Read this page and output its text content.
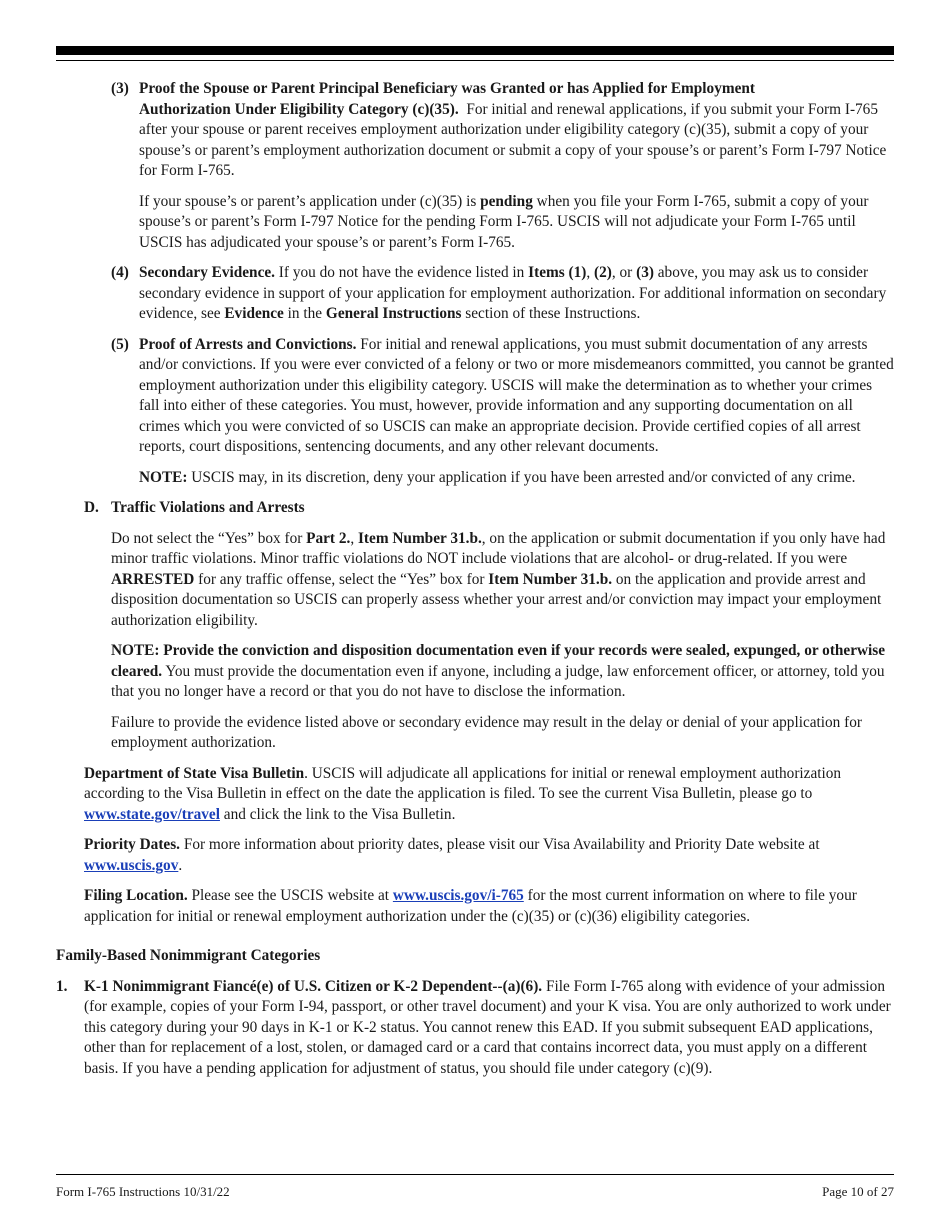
(3) Proof the Spouse or Parent Principal Beneficiary was Granted or has Applied for Employment
Authorization Under Eligibility Category (c)(35). For initial and renewal applications, if you submit your Form I-765 after your spouse or parent receives employment authorization under eligibility category (c)(35), submit a copy of your spouse’s or parent’s employment authorization document or submit a copy of your spouse’s or parent’s Form I-797 Notice for Form I-765.

If your spouse’s or parent’s application under (c)(35) is pending when you file your Form I-765, submit a copy of your spouse’s or parent’s Form I-797 Notice for the pending Form I-765. USCIS will not adjudicate your Form I-765 until USCIS has adjudicated your spouse’s or parent’s Form I-765.

(4) Secondary Evidence. If you do not have the evidence listed in Items (1), (2), or (3) above, you may ask us to consider secondary evidence in support of your application for employment authorization. For additional information on secondary evidence, see Evidence in the General Instructions section of these Instructions.

(5) Proof of Arrests and Convictions. For initial and renewal applications, you must submit documentation of any arrests and/or convictions. If you were ever convicted of a felony or two or more misdemeanors committed, you cannot be granted employment authorization under this eligibility category. USCIS will make the determination as to whether your crimes fall into either of these categories. You must, however, provide information and any supporting documentation on all crimes which you were convicted of so USCIS can make an appropriate decision. Provide certified copies of all arrest reports, court dispositions, sentencing documents, and any other relevant documents.

NOTE: USCIS may, in its discretion, deny your application if you have been arrested and/or convicted of any crime.

D. Traffic Violations and Arrests

Do not select the “Yes” box for Part 2., Item Number 31.b., on the application or submit documentation if you only have had minor traffic violations. Minor traffic violations do NOT include violations that are alcohol- or drug-related. If you were ARRESTED for any traffic offense, select the “Yes” box for Item Number 31.b. on the application and provide arrest and disposition documentation so USCIS can properly assess whether your arrest and/or conviction may impact your employment authorization eligibility.

NOTE: Provide the conviction and disposition documentation even if your records were sealed, expunged, or otherwise cleared. You must provide the documentation even if anyone, including a judge, law enforcement officer, or attorney, told you that you no longer have a record or that you do not have to disclose the information.

Failure to provide the evidence listed above or secondary evidence may result in the delay or denial of your application for employment authorization.

Department of State Visa Bulletin. USCIS will adjudicate all applications for initial or renewal employment authorization according to the Visa Bulletin in effect on the date the application is filed. To see the current Visa Bulletin, please go to www.state.gov/travel and click the link to the Visa Bulletin.

Priority Dates. For more information about priority dates, please visit our Visa Availability and Priority Date website at www.uscis.gov.

Filing Location. Please see the USCIS website at www.uscis.gov/i-765 for the most current information on where to file your application for initial or renewal employment authorization under the (c)(35) or (c)(36) eligibility categories.

Family-Based Nonimmigrant Categories

1. K-1 Nonimmigrant Fiancé(e) of U.S. Citizen or K-2 Dependent--(a)(6). File Form I-765 along with evidence of your admission (for example, copies of your Form I-94, passport, or other travel document) and your K visa. You are only authorized to work under this category during your 90 days in K-1 or K-2 status. You cannot renew this EAD. If you submit subsequent EAD applications, other than for replacement of a lost, stolen, or damaged card or a card that contains incorrect data, you must apply on a different basis. If you have a pending application for adjustment of status, you should file under category (c)(9).

Form I-765 Instructions 10/31/22	Page 10 of 27
